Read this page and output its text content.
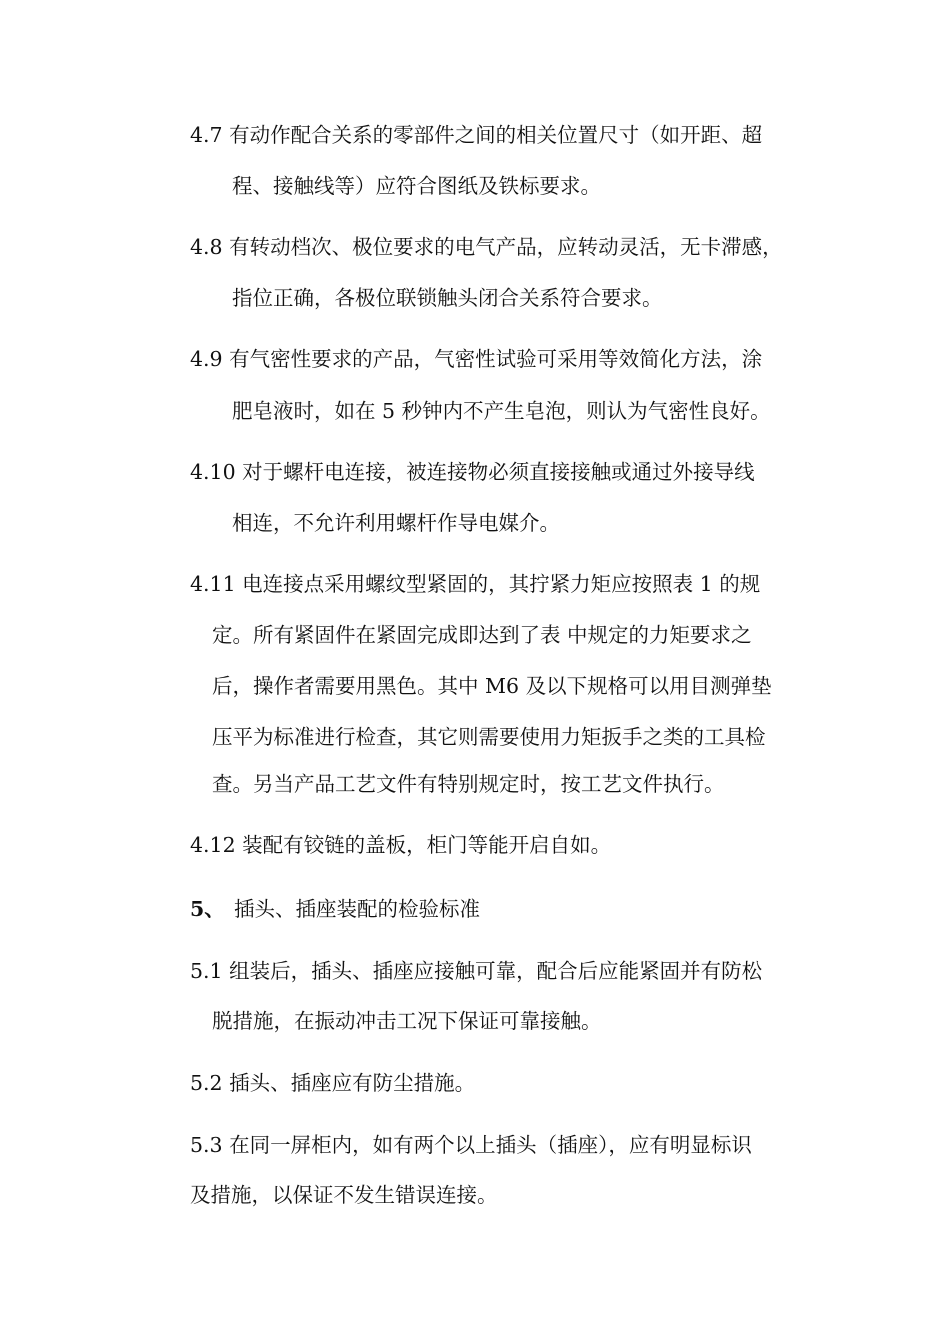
4.7 有动作配合关系的零部件之间的相关位置尺寸（如开距、超
程、接触线等）应符合图纸及铁标要求。
4.8 有转动档次、极位要求的电气产品，应转动灵活，无卡滞感，
指位正确，各极位联锁触头闭合关系符合要求。
4.9 有气密性要求的产品，气密性试验可采用等效简化方法，涂
肥皂液时，如在 5 秒钟内不产生皂泡，则认为气密性良好。
4.10 对于螺杆电连接，被连接物必须直接接触或通过外接导线
相连，不允许利用螺杆作导电媒介。
4.11 电连接点采用螺纹型紧固的，其拧紧力矩应按照表 1 的规
定。所有紧固件在紧固完成即达到了表 中规定的力矩要求之
后，操作者需要用黑色。其中 M6 及以下规格可以用目测弹垫
压平为标准进行检查，其它则需要使用力矩扳手之类的工具检
查。另当产品工艺文件有特别规定时，按工艺文件执行。
4.12 装配有铰链的盖板，柜门等能开启自如。
5、 插头、插座装配的检验标准
5.1 组装后，插头、插座应接触可靠，配合后应能紧固并有防松
脱措施，在振动冲击工况下保证可靠接触。
5.2 插头、插座应有防尘措施。
5.3 在同一屏柜内，如有两个以上插头（插座），应有明显标识
及措施，以保证不发生错误连接。
